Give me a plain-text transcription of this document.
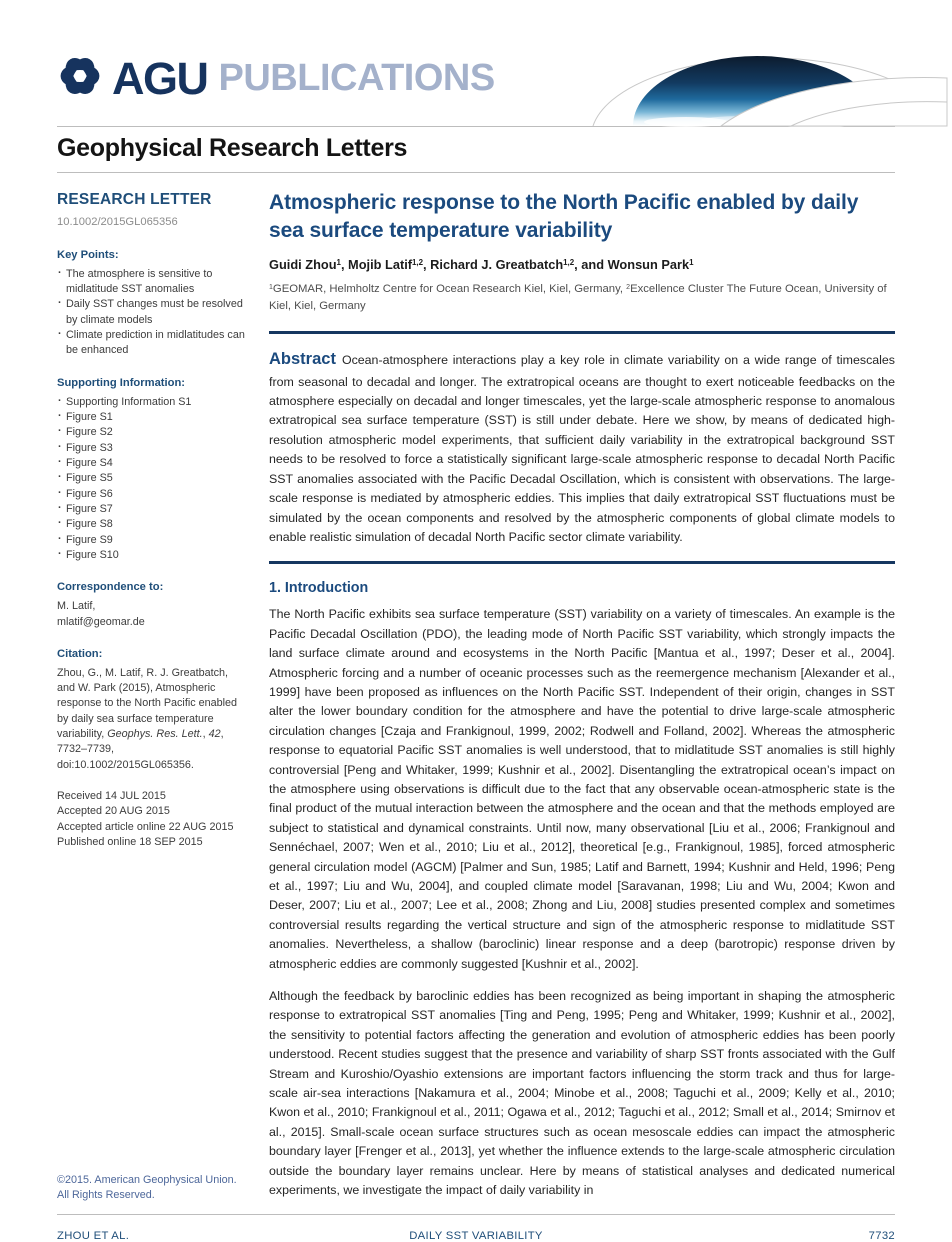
AGU PUBLICATIONS
Geophysical Research Letters
RESEARCH LETTER
10.1002/2015GL065356
Key Points:
· The atmosphere is sensitive to midlatitude SST anomalies
· Daily SST changes must be resolved by climate models
· Climate prediction in midlatitudes can be enhanced
Supporting Information:
· Supporting Information S1
· Figure S1
· Figure S2
· Figure S3
· Figure S4
· Figure S5
· Figure S6
· Figure S7
· Figure S8
· Figure S9
· Figure S10
Correspondence to:
M. Latif,
mlatif@geomar.de
Citation:
Zhou, G., M. Latif, R. J. Greatbatch, and W. Park (2015), Atmospheric response to the North Pacific enabled by daily sea surface temperature variability, Geophys. Res. Lett., 42, 7732–7739, doi:10.1002/2015GL065356.
Received 14 JUL 2015
Accepted 20 AUG 2015
Accepted article online 22 AUG 2015
Published online 18 SEP 2015
©2015. American Geophysical Union.
All Rights Reserved.
Atmospheric response to the North Pacific enabled by daily sea surface temperature variability
Guidi Zhou$^1$, Mojib Latif$^{1,2}$, Richard J. Greatbatch$^{1,2}$, and Wonsun Park$^1$
$^1$GEOMAR, Helmholtz Centre for Ocean Research Kiel, Kiel, Germany, $^2$Excellence Cluster The Future Ocean, University of Kiel, Kiel, Germany

Abstract Ocean-atmosphere interactions play a key role in climate variability on a wide range of timescales from seasonal to decadal and longer. The extratropical oceans are thought to exert noticeable feedbacks on the atmosphere especially on decadal and longer timescales, yet the large-scale atmospheric response to anomalous extratropical sea surface temperature (SST) is still under debate. Here we show, by means of dedicated high-resolution atmospheric model experiments, that sufficient daily variability in the extratropical background SST needs to be resolved to force a statistically significant large-scale atmospheric response to decadal North Pacific SST anomalies associated with the Pacific Decadal Oscillation, which is consistent with observations. The large-scale response is mediated by atmospheric eddies. This implies that daily extratropical SST fluctuations must be simulated by the ocean components and resolved by the atmospheric components of global climate models to enable realistic simulation of decadal North Pacific sector climate variability.

1. Introduction

The North Pacific exhibits sea surface temperature (SST) variability on a variety of timescales. An example is the Pacific Decadal Oscillation (PDO), the leading mode of North Pacific SST variability, which strongly impacts the land surface climate around and ecosystems in the North Pacific [Mantua et al., 1997; Deser et al., 2004]. Atmospheric forcing and a number of oceanic processes such as the reemergence mechanism [Alexander et al., 1999] have been proposed as influences on the North Pacific SST. Independent of their origin, changes in SST alter the lower boundary condition for the atmosphere and have the potential to drive large-scale atmospheric circulation changes [Czaja and Frankignoul, 1999, 2002; Rodwell and Folland, 2002]. Whereas the atmospheric response to equatorial Pacific SST anomalies is well understood, that to midlatitude SST anomalies is still highly controversial [Peng and Whitaker, 1999; Kushnir et al., 2002]. Disentangling the extratropical ocean’s impact on the atmosphere using observations is difficult due to the fact that any observable ocean-atmospheric state is the final product of the mutual interaction between the atmosphere and the ocean and that the methods employed are subject to statistical and dynamical constraints. Until now, many observational [Liu et al., 2006; Frankignoul and Sennéchael, 2007; Wen et al., 2010; Liu et al., 2012], theoretical [e.g., Frankignoul, 1985], forced atmospheric general circulation model (AGCM) [Palmer and Sun, 1985; Latif and Barnett, 1994; Kushnir and Held, 1996; Peng et al., 1997; Liu and Wu, 2004], and coupled climate model [Saravanan, 1998; Liu and Wu, 2004; Kwon and Deser, 2007; Liu et al., 2007; Lee et al., 2008; Zhong and Liu, 2008] studies presented complex and sometimes controversial results regarding the vertical structure and sign of the atmospheric response to midlatitude SST anomalies. Nevertheless, a shallow (baroclinic) linear response and a deep (barotropic) response driven by atmospheric eddies are commonly suggested [Kushnir et al., 2002].

Although the feedback by baroclinic eddies has been recognized as being important in shaping the atmospheric response to extratropical SST anomalies [Ting and Peng, 1995; Peng and Whitaker, 1999; Kushnir et al., 2002], the sensitivity to potential factors affecting the generation and evolution of atmospheric eddies has been poorly understood. Recent studies suggest that the presence and variability of sharp SST fronts associated with the Gulf Stream and Kuroshio/Oyashio extensions are important factors influencing the storm track and thus for large-scale air-sea interactions [Nakamura et al., 2004; Minobe et al., 2008; Taguchi et al., 2009; Kelly et al., 2010; Kwon et al., 2010; Frankignoul et al., 2011; Ogawa et al., 2012; Taguchi et al., 2012; Small et al., 2014; Smirnov et al., 2015]. Small-scale ocean surface structures such as ocean mesoscale eddies can impact the atmospheric boundary layer [Frenger et al., 2013], yet whether the influence extends to the large-scale atmospheric circulation outside the boundary layer remains unclear. Here by means of statistical analyses and dedicated numerical experiments, we investigate the impact of daily variability in

ZHOU ET AL.	DAILY SST VARIABILITY	7732
